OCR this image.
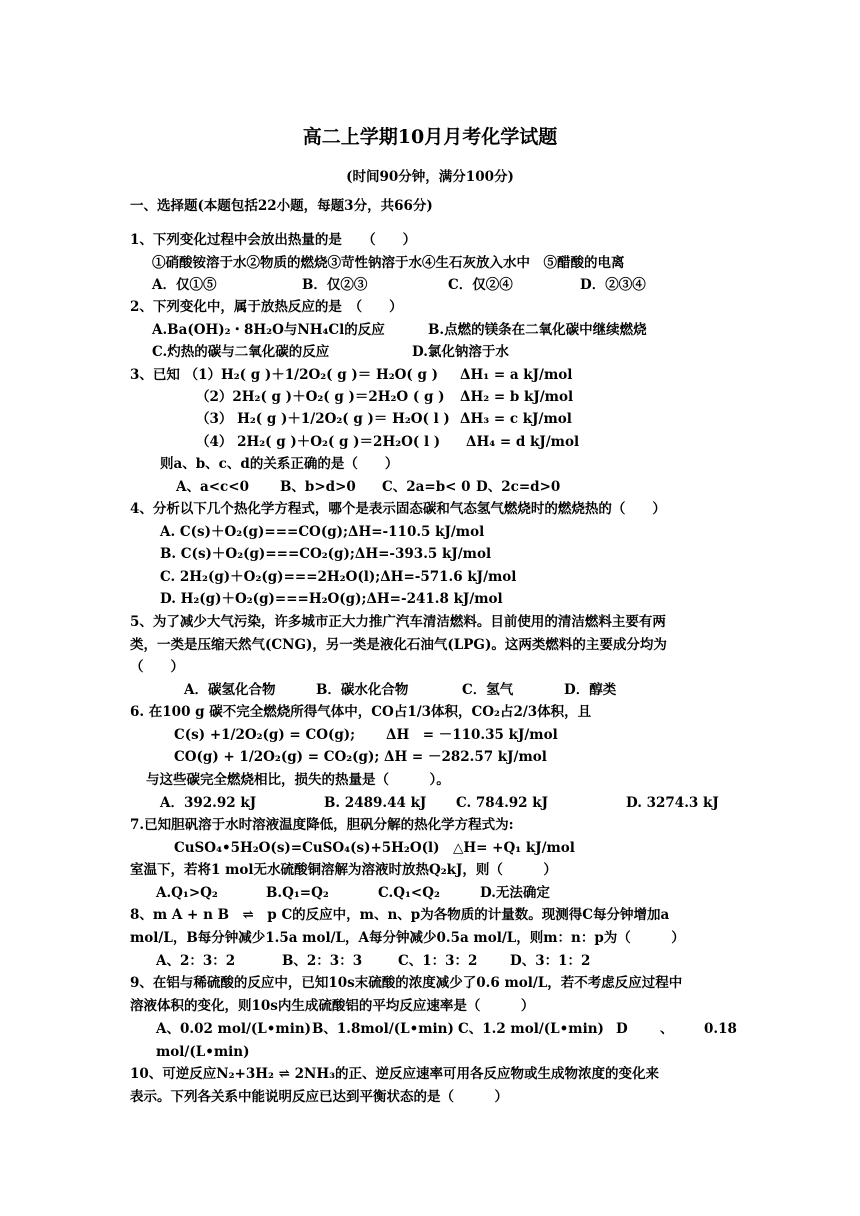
高二上学期10月月考化学试题
(时间90分钟，满分100分)
一、选择题(本题包括22小题，每题3分，共66分)
1、下列变化过程中会放出热量的是　　（　　）
①硝酸铵溶于水②物质的燃烧③苛性钠溶于水④生石灰放入水中　⑤醋酸的电离
A．仅①⑤	B．仅②③	C．仅②④	D．②③④
2、下列变化中，属于放热反应的是　（　　）
A.Ba(OH)₂・8H₂O与NH₄Cl的反应	B.点燃的镁条在二氧化碳中继续燃烧
C.灼热的碳与二氧化碳的反应	D.氯化钠溶于水
3、已知 （1）H₂( g )＋1/2O₂( g )＝ H₂O( g ) ΔH₁ = a kJ/mol
（2）2H₂( g )＋O₂( g )＝2H₂O ( g ) ΔH₂ = b kJ/mol
（3） H₂( g )＋1/2O₂( g )＝ H₂O( l ) ΔH₃ = c kJ/mol
（4） 2H₂( g )＋O₂( g )＝2H₂O( l ) ΔH₄ = d kJ/mol
则a、b、c、d的关系正确的是（　　）
A、a<c<0 B、b>d>0 C、2a=b< 0 D、2c=d>0
4、分析以下几个热化学方程式，哪个是表示固态碳和气态氢气燃烧时的燃烧热的（　　）
A. C(s)＋O₂(g)===CO(g);ΔH=-110.5 kJ/mol
B. C(s)＋O₂(g)===CO₂(g);ΔH=-393.5 kJ/mol
C. 2H₂(g)＋O₂(g)===2H₂O(l);ΔH=-571.6 kJ/mol
D. H₂(g)＋O₂(g)===H₂O(g);ΔH=-241.8 kJ/mol
5、为了减少大气污染，许多城市正大力推广汽车清洁燃料。目前使用的清洁燃料主要有两
类，一类是压缩天然气(CNG)，另一类是液化石油气(LPG)。这两类燃料的主要成分均为
（　　）
A．碳氢化合物	B．碳水化合物	C．氢气	D．醇类
6. 在100 g 碳不完全燃烧所得气体中，CO占1/3体积，CO₂占2/3体积，且
C(s) +1/2O₂(g) = CO(g); ΔH　= －110.35 kJ/mol
CO(g) + 1/2O₂(g) = CO₂(g); ΔH = －282.57 kJ/mol
与这些碳完全燃烧相比，损失的热量是（　　　）。
A．392.92 kJ	B. 2489.44 kJ C. 784.92 kJ	D. 3274.3 kJ
7.已知胆矾溶于水时溶液温度降低，胆矾分解的热化学方程式为:
CuSO₄•5H₂O(s)=CuSO₄(s)+5H₂O(l)　△H= +Q₁ kJ/mol
室温下，若将1 mol无水硫酸铜溶解为溶液时放热Q₂kJ，则（　　　）
A.Q₁>Q₂	B.Q₁=Q₂	C.Q₁<Q₂	D.无法确定
8、m A + n B　⇌　p C的反应中，m、n、p为各物质的计量数。现测得C每分钟增加a
mol/L，B每分钟减少1.5a mol/L，A每分钟减少0.5a mol/L，则m：n：p为（　　　）
A、2：3：2	B、2：3：3	C、1：3：2 D、3：1：2
9、在铝与稀硫酸的反应中，已知10s末硫酸的浓度减少了0.6 mol/L，若不考虑反应过程中
溶液体积的变化，则10s内生成硫酸铝的平均反应速率是（　　　）
A、0.02 mol/(L•min) B、1.8mol/(L•min) C、1.2 mol/(L•min) D 、 0.18
mol/(L•min)
10、可逆反应N₂+3H₂ ⇌ 2NH₃的正、逆反应速率可用各反应物或生成物浓度的变化来
表示。下列各关系中能说明反应已达到平衡状态的是（　　　）
